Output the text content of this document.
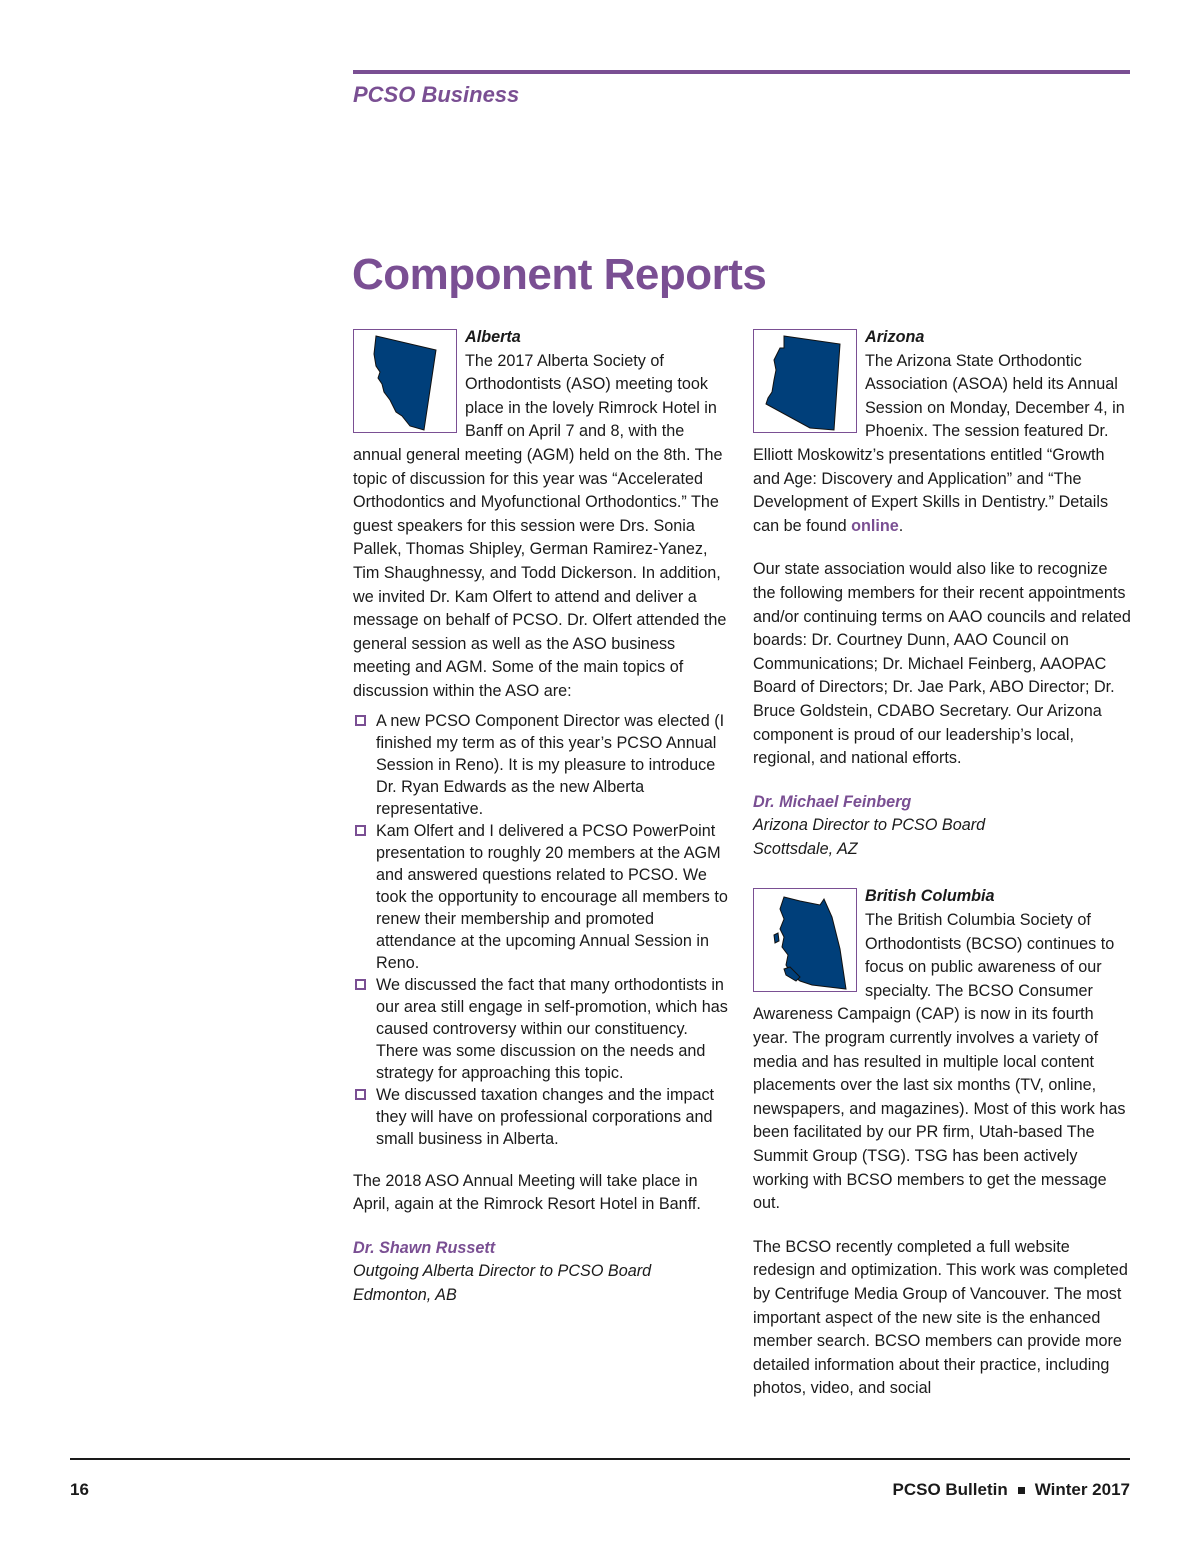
PCSO Business

Component Reports

Alberta

The 2017 Alberta Society of Orthodontists (ASO) meeting took place in the lovely Rimrock Hotel in Banff on April 7 and 8, with the annual general meeting (AGM) held on the 8th. The topic of discussion for this year was “Accelerated Orthodontics and Myofunctional Orthodontics.” The guest speakers for this session were Drs. Sonia Pallek, Thomas Shipley, German Ramirez-Yanez, Tim Shaughnessy, and Todd Dickerson. In addition, we invited Dr. Kam Olfert to attend and deliver a message on behalf of PCSO. Dr. Olfert attended the general session as well as the ASO business meeting and AGM. Some of the main topics of discussion within the ASO are:

A new PCSO Component Director was elected (I finished my term as of this year’s PCSO Annual Session in Reno). It is my pleasure to introduce Dr. Ryan Edwards as the new Alberta representative.
Kam Olfert and I delivered a PCSO PowerPoint presentation to roughly 20 members at the AGM and answered questions related to PCSO. We took the opportunity to encourage all members to renew their membership and promoted attendance at the upcoming Annual Session in Reno.
We discussed the fact that many orthodontists in our area still engage in self-promotion, which has caused controversy within our constituency. There was some discussion on the needs and strategy for approaching this topic.
We discussed taxation changes and the impact they will have on professional corporations and small business in Alberta.

The 2018 ASO Annual Meeting will take place in April, again at the Rimrock Resort Hotel in Banff.

Dr. Shawn Russett

Outgoing Alberta Director to PCSO Board

Edmonton, AB

Arizona

The Arizona State Orthodontic Association (ASOA) held its Annual Session on Monday, December 4, in Phoenix. The session featured Dr. Elliott Moskowitz’s presentations entitled “Growth and Age: Discovery and Application” and “The Development of Expert Skills in Dentistry.” Details can be found online.

Our state association would also like to recognize the following members for their recent appointments and/or continuing terms on AAO councils and related boards: Dr. Courtney Dunn, AAO Council on Communications; Dr. Michael Feinberg, AAOPAC Board of Directors; Dr. Jae Park, ABO Director; Dr. Bruce Goldstein, CDABO Secretary. Our Arizona component is proud of our leadership’s local, regional, and national efforts.

Dr. Michael Feinberg

Arizona Director to PCSO Board

Scottsdale, AZ

British Columbia

The British Columbia Society of Orthodontists (BCSO) continues to focus on public awareness of our specialty. The BCSO Consumer Awareness Campaign (CAP) is now in its fourth year. The program currently involves a variety of media and has resulted in multiple local content placements over the last six months (TV, online, newspapers, and magazines). Most of this work has been facilitated by our PR firm, Utah-based The Summit Group (TSG). TSG has been actively working with BCSO members to get the message out.

The BCSO recently completed a full website redesign and optimization. This work was completed by Centrifuge Media Group of Vancouver. The most important aspect of the new site is the enhanced member search. BCSO members can provide more detailed information about their practice, including photos, video, and social

16	PCSO Bulletin Winter 2017
